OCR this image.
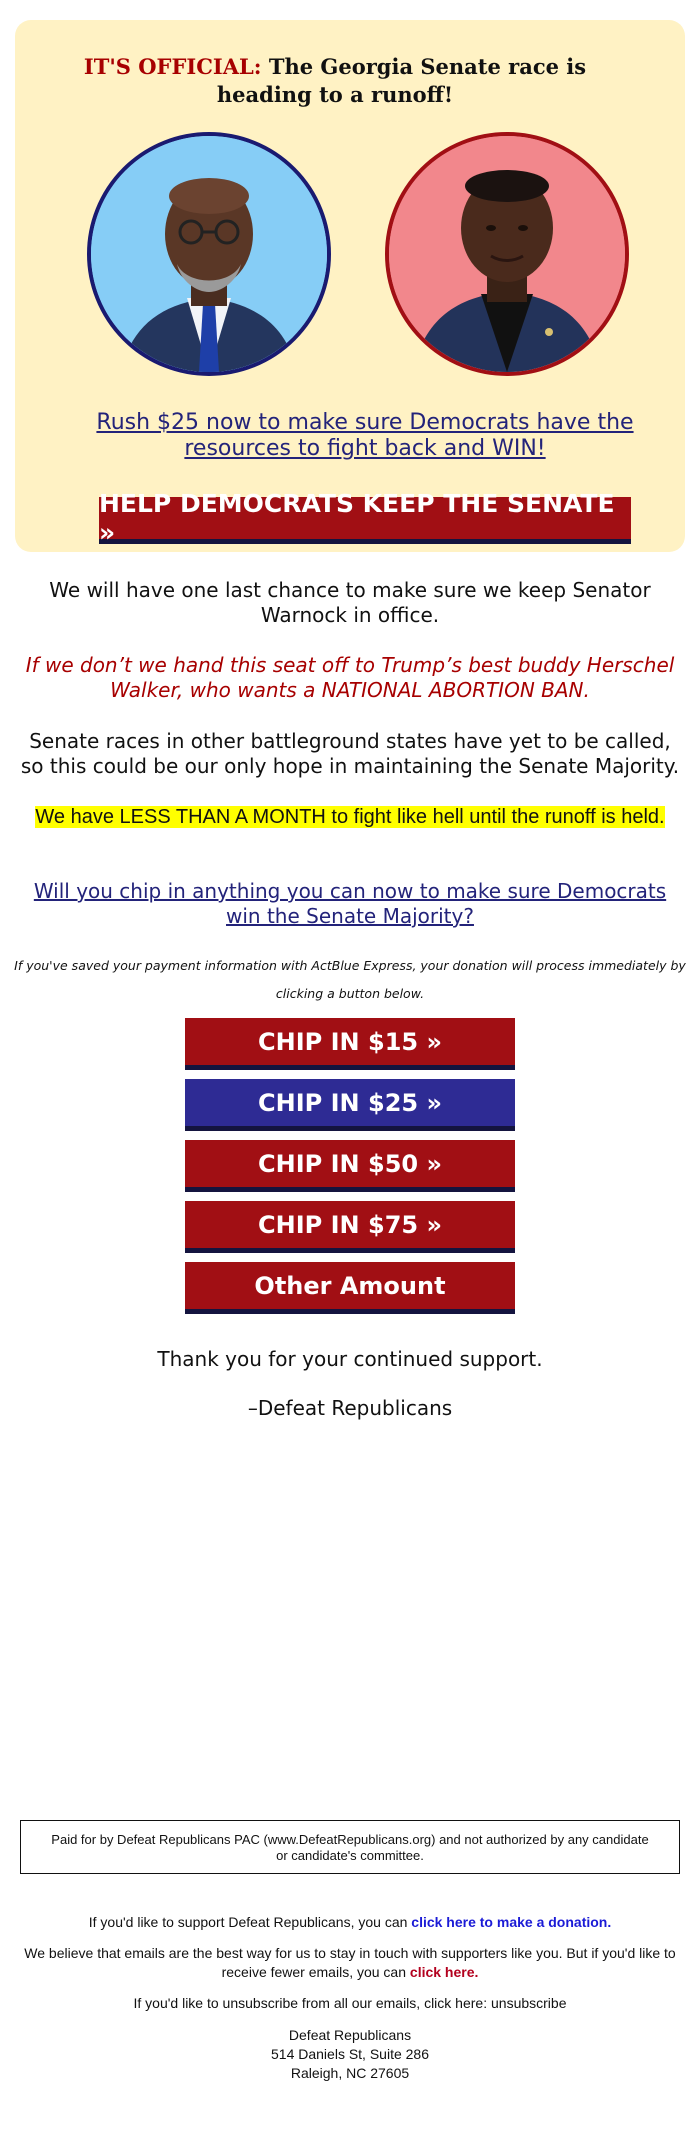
IT'S OFFICIAL: The Georgia Senate race is heading to a runoff!
Rush $25 now to make sure Democrats have the resources to fight back and WIN!
HELP DEMOCRATS KEEP THE SENATE »
We will have one last chance to make sure we keep Senator Warnock in office.
If we don’t we hand this seat off to Trump’s best buddy Herschel Walker, who wants a NATIONAL ABORTION BAN.
Senate races in other battleground states have yet to be called, so this could be our only hope in maintaining the Senate Majority.
We have LESS THAN A MONTH to fight like hell until the runoff is held.
Will you chip in anything you can now to make sure Democrats win the Senate Majority?
If you've saved your payment information with ActBlue Express, your donation will process immediately by clicking a button below.
CHIP IN $15 »
CHIP IN $25 »
CHIP IN $50 »
CHIP IN $75 »
Other Amount
Thank you for your continued support.
–Defeat Republicans
Paid for by Defeat Republicans PAC (www.DefeatRepublicans.org) and not authorized by any candidate or candidate's committee.
If you'd like to support Defeat Republicans, you can click here to make a donation.
We believe that emails are the best way for us to stay in touch with supporters like you. But if you'd like to receive fewer emails, you can click here.
If you'd like to unsubscribe from all our emails, click here: unsubscribe
Defeat Republicans
514 Daniels St, Suite 286
Raleigh, NC 27605
